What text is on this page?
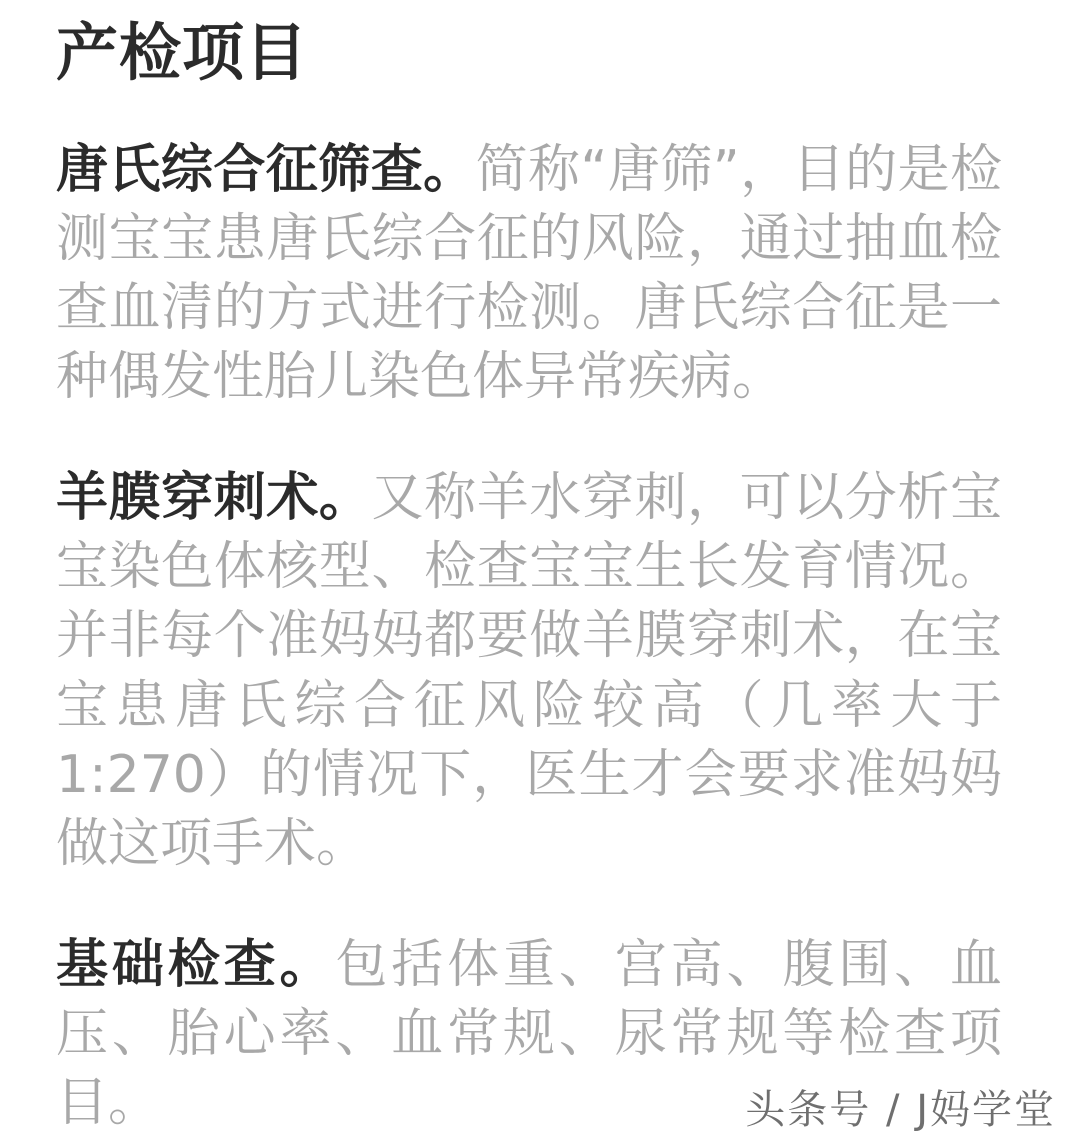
产检项目

唐氏综合征筛查。简称“唐筛”，目的是检测宝宝患唐氏综合征的风险，通过抽血检查血清的方式进行检测。唐氏综合征是一种偶发性胎儿染色体异常疾病。

羊膜穿刺术。又称羊水穿刺，可以分析宝宝染色体核型、检查宝宝生长发育情况。并非每个准妈妈都要做羊膜穿刺术，在宝宝患唐氏综合征风险较高（几率大于1:270）的情况下，医生才会要求准妈妈做这项手术。

基础检查。包括体重、宫高、腹围、血压、胎心率、血常规、尿常规等检查项目。	头条号 / J妈学堂
